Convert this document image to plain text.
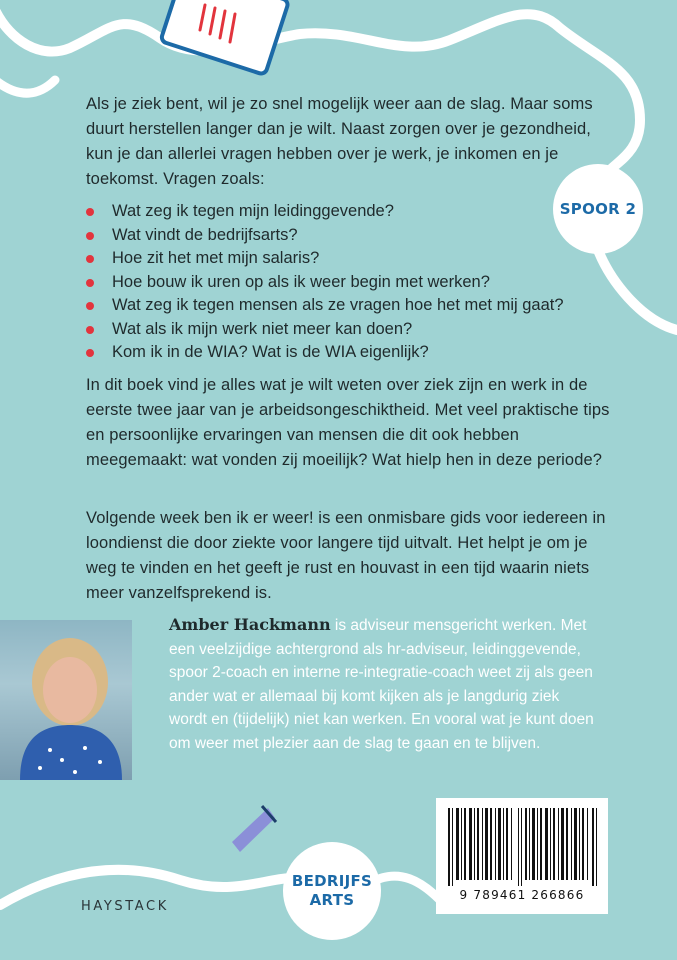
Als je ziek bent, wil je zo snel mogelijk weer aan de slag. Maar soms duurt herstellen langer dan je wilt. Naast zorgen over je gezondheid, kun je dan allerlei vragen hebben over je werk, je inkomen en je toekomst. Vragen zoals:

Wat zeg ik tegen mijn leidinggevende?
Wat vindt de bedrijfsarts?
Hoe zit het met mijn salaris?
Hoe bouw ik uren op als ik weer begin met werken?
Wat zeg ik tegen mensen als ze vragen hoe het met mij gaat?
Wat als ik mijn werk niet meer kan doen?
Kom ik in de WIA? Wat is de WIA eigenlijk?

In dit boek vind je alles wat je wilt weten over ziek zijn en werk in de eerste twee jaar van je arbeidsongeschiktheid. Met veel praktische tips en persoonlijke ervaringen van mensen die dit ook hebben meegemaakt: wat vonden zij moeilijk? Wat hielp hen in deze periode?

Volgende week ben ik er weer! is een onmisbare gids voor iedereen in loondienst die door ziekte voor langere tijd uitvalt. Het helpt je om je weg te vinden en het geeft je rust en houvast in een tijd waarin niets meer vanzelfsprekend is.

SPOOR 2
Amber Hackmann is adviseur mensgericht werken. Met een veelzijdige achtergrond als hr-adviseur, leidinggevende, spoor 2-coach en interne re-integratie-coach weet zij als geen ander wat er allemaal bij komt kijken als je langdurig ziek wordt en (tijdelijk) niet kan werken. En vooral wat je kunt doen om weer met plezier aan de slag te gaan en te blijven.
9 789461 266866
BEDRIJFS
ARTS
HAYSTACK
